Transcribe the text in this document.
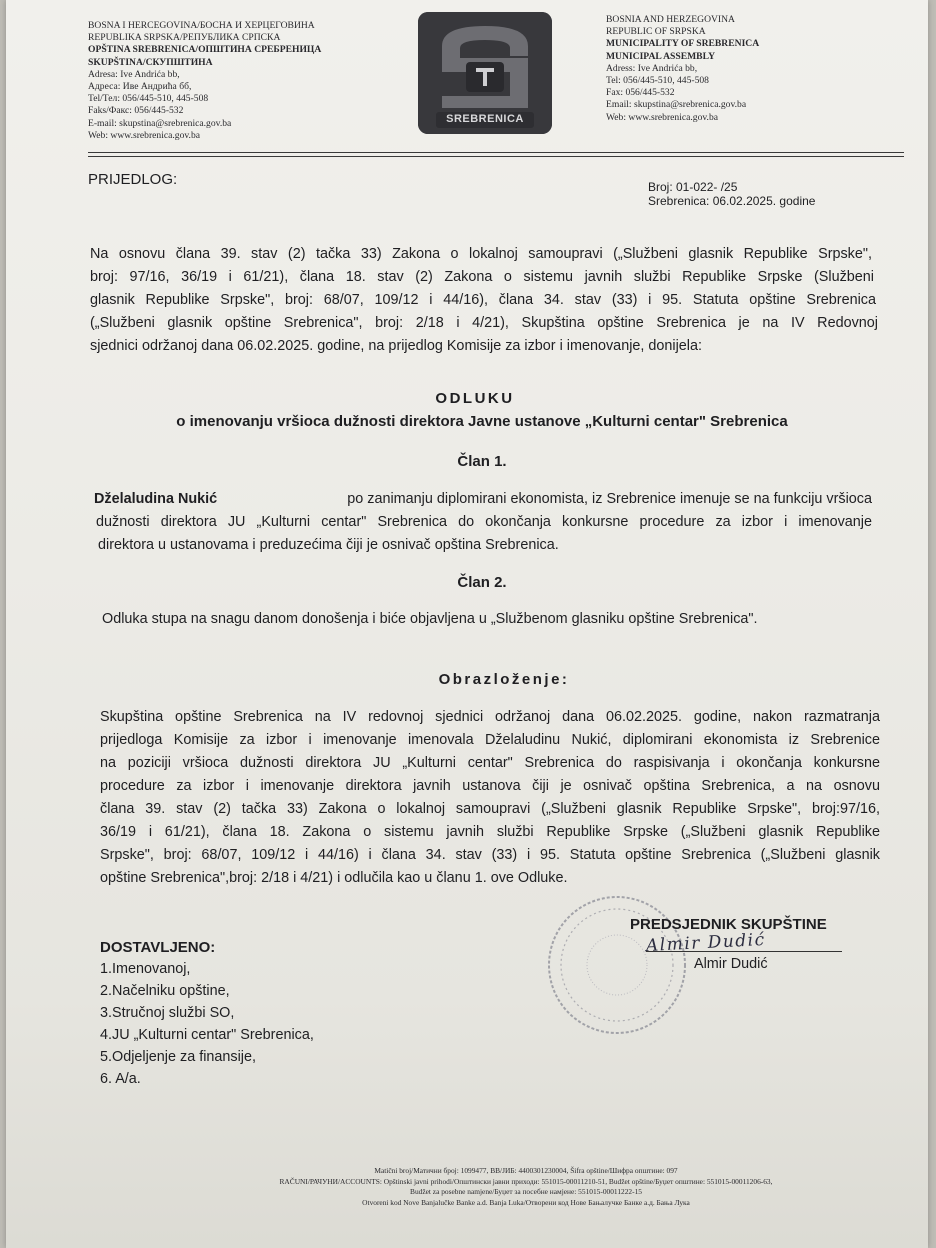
BOSNA I HERCEGOVINA/БОСНА И ХЕРЦЕГОВИНА
REPUBLIKA SRPSKA/РЕПУБЛИКА СРПСКА
OPŠTINA SREBRENICA/ОПШТИНА СРЕБРЕНИЦА
SKUPŠTINA/СКУПШТИНА
Adresa: Ive Andrića bb,
Адреса: Иве Андрића бб,
Tel/Тел: 056/445-510, 445-508
Faks/Факс: 056/445-532
E-mail: skupstina@srebrenica.gov.ba
Web: www.srebrenica.gov.ba
SREBRENICA
BOSNIA AND HERZEGOVINA
REPUBLIC OF SRPSKA
MUNICIPALITY OF SREBRENICA
MUNICIPAL ASSEMBLY
Adress: Ive Andrića bb,
Tel: 056/445-510, 445-508
Fax: 056/445-532
Email: skupstina@srebrenica.gov.ba
Web: www.srebrenica.gov.ba
PRIJEDLOG:	Broj: 01-022- /25
Srebrenica: 06.02.2025. godine
Na osnovu člana 39. stav (2) tačka 33) Zakona o lokalnoj samoupravi („Službeni glasnik Republike Srpske",
broj: 97/16, 36/19 i 61/21), člana 18. stav (2) Zakona o sistemu javnih službi Republike Srpske (Službeni
glasnik Republike Srpske", broj: 68/07, 109/12 i 44/16), člana 34. stav (33) i 95. Statuta opštine Srebrenica
(„Službeni glasnik opštine Srebrenica", broj: 2/18 i 4/21), Skupština opštine Srebrenica je na IV Redovnoj
sjednici održanoj dana 06.02.2025. godine, na prijedlog Komisije za izbor i imenovanje, donijela:
ODLUKU
o imenovanju vršioca dužnosti direktora Javne ustanove „Kulturni centar" Srebrenica
Član 1.
Dželaludina Nukić	po zanimanju diplomirani ekonomista, iz Srebrenice imenuje se na funkciju vršioca
dužnosti direktora JU „Kulturni centar" Srebrenica do okončanja konkursne procedure za izbor i imenovanje
direktora u ustanovama i preduzećima čiji je osnivač opština Srebrenica.
Član 2.
Odluka stupa na snagu danom donošenja i biće objavljena u „Službenom glasniku opštine Srebrenica".
Obrazloženje:
Skupština opštine Srebrenica na IV redovnoj sjednici održanoj dana 06.02.2025. godine, nakon razmatranja
prijedloga Komisije za izbor i imenovanje imenovala Dželaludinu Nukić, diplomirani ekonomista iz Srebrenice
na poziciji vršioca dužnosti direktora JU „Kulturni centar" Srebrenica do raspisivanja i okončanja konkursne
procedure za izbor i imenovanje direktora javnih ustanova čiji je osnivač opština Srebrenica, a na osnovu
člana 39. stav (2) tačka 33) Zakona o lokalnoj samoupravi („Službeni glasnik Republike Srpske", broj:97/16,
36/19 i 61/21), člana 18. Zakona o sistemu javnih službi Republike Srpske („Službeni glasnik Republike
Srpske", broj: 68/07, 109/12 i 44/16) i člana 34. stav (33) i 95. Statuta opštine Srebrenica („Službeni glasnik
opštine Srebrenica",broj: 2/18 i 4/21) i odlučila kao u članu 1. ove Odluke.
PREDSJEDNIK SKUPŠTINE
Almir Dudić
Almir Dudić
DOSTAVLJENO:
1.Imenovanoj,
2.Načelniku opštine,
3.Stručnoj službi SO,
4.JU „Kulturni centar" Srebrenica,
5.Odjeljenje za finansije,
6. A/a.
Matični broj/Матични број: 1099477, BB/ЈИБ: 4400301230004, Šifra opštine/Шифра општине: 097
RAČUNI/РАЧУНИ/ACCOUNTS: Opštinski javni prihodi/Општински јавни приходи: 551015-00011210-51, Budžet opštine/Буџет општине: 551015-00011206-63,
Budžet za posebne namjene/Буџет за посебне намјене: 551015-00011222-15
Otvoreni kod Nove Banjalučke Banke a.d. Banja Luka/Отворени код Нове Бањалучке Банке а.д. Бања Лука
